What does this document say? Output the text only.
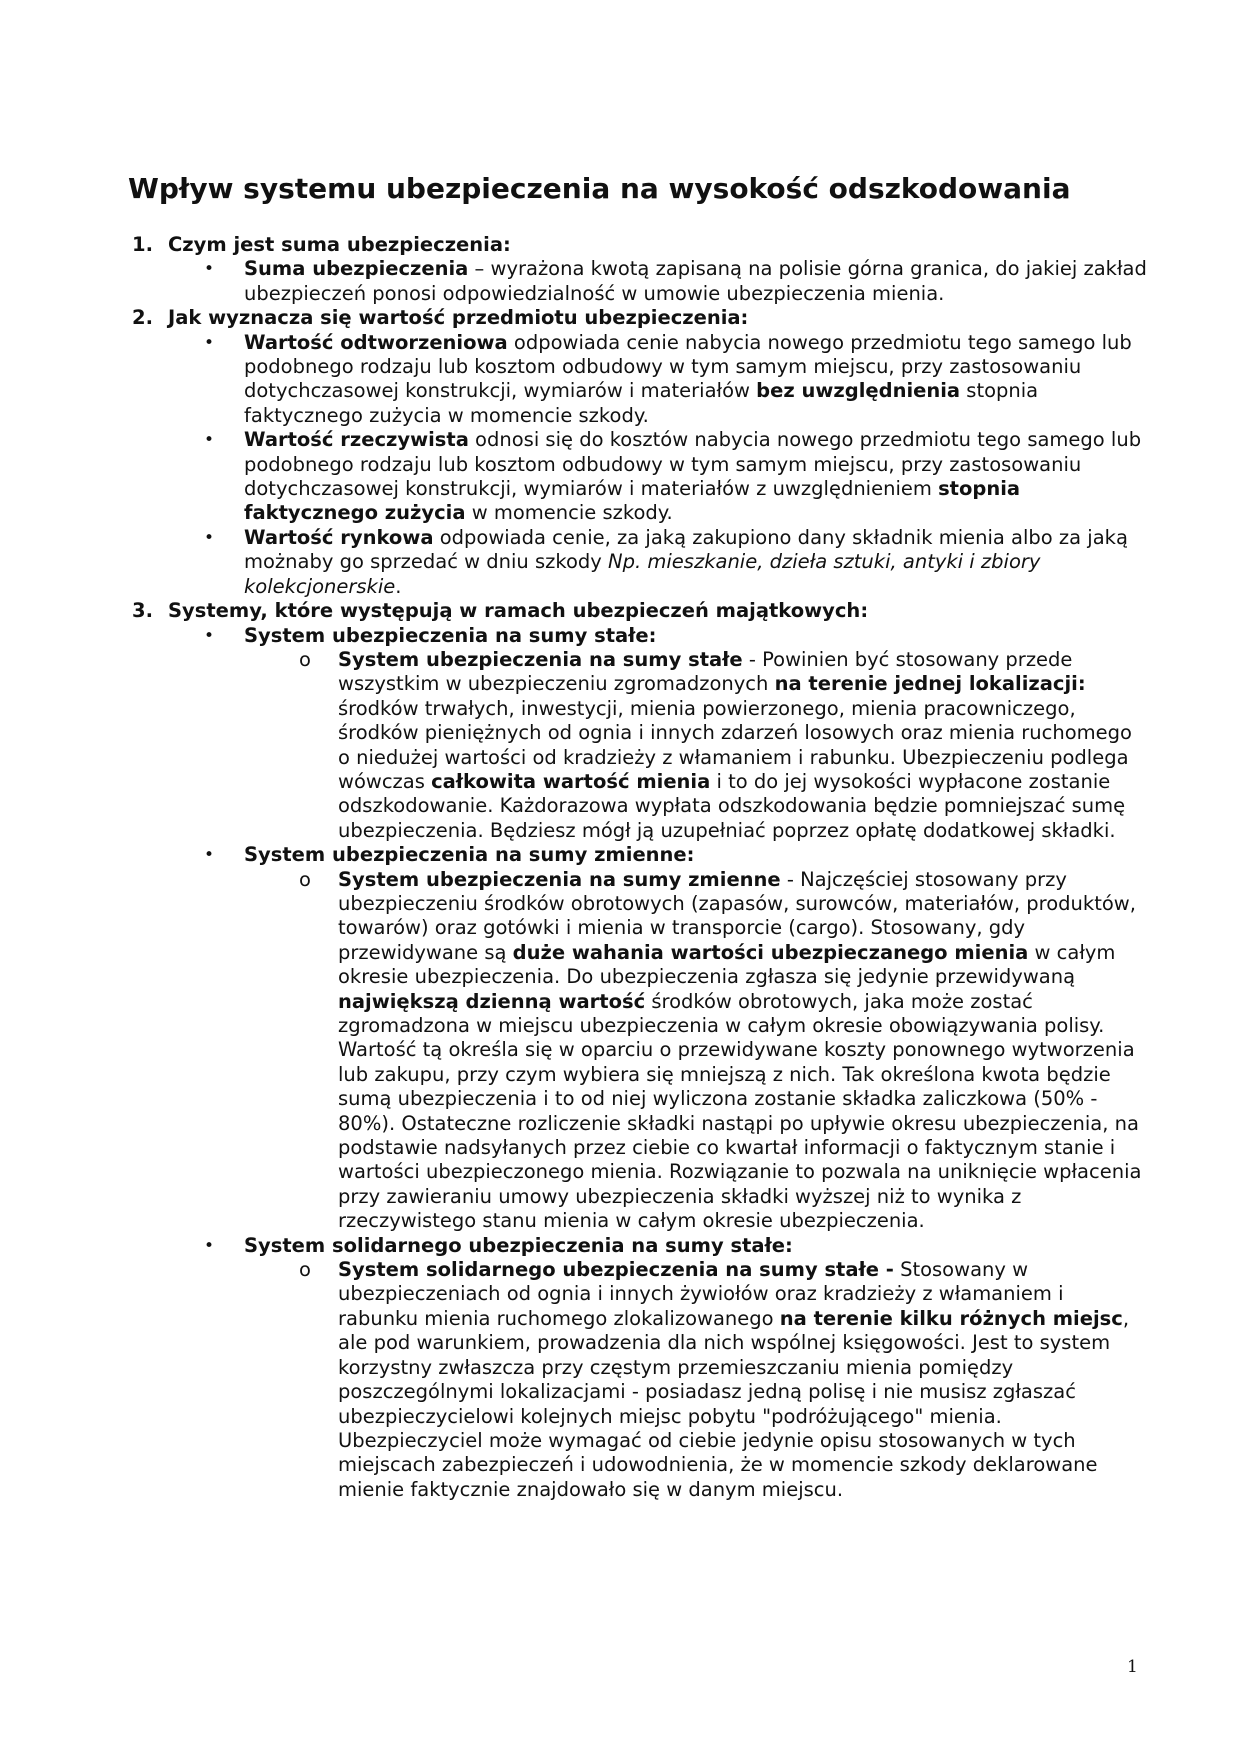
Wpływ systemu ubezpieczenia na wysokość odszkodowania
1. Czym jest suma ubezpieczenia:
• Suma ubezpieczenia – wyrażona kwotą zapisaną na polisie górna granica, do jakiej zakład ubezpieczeń ponosi odpowiedzialność w umowie ubezpieczenia mienia.
2. Jak wyznacza się wartość przedmiotu ubezpieczenia:
• Wartość odtworzeniowa odpowiada cenie nabycia nowego przedmiotu tego samego lub podobnego rodzaju lub kosztom odbudowy w tym samym miejscu, przy zastosowaniu dotychczasowej konstrukcji, wymiarów i materiałów bez uwzględnienia stopnia faktycznego zużycia w momencie szkody.
• Wartość rzeczywista odnosi się do kosztów nabycia nowego przedmiotu tego samego lub podobnego rodzaju lub kosztom odbudowy w tym samym miejscu, przy zastosowaniu dotychczasowej konstrukcji, wymiarów i materiałów z uwzględnieniem stopnia faktycznego zużycia w momencie szkody.
• Wartość rynkowa odpowiada cenie, za jaką zakupiono dany składnik mienia albo za jaką możnaby go sprzedać w dniu szkody Np. mieszkanie, dzieła sztuki, antyki i zbiory kolekcjonerskie.
3. Systemy, które występują w ramach ubezpieczeń majątkowych:
• System ubezpieczenia na sumy stałe:
o System ubezpieczenia na sumy stałe - Powinien być stosowany przede wszystkim w ubezpieczeniu zgromadzonych na terenie jednej lokalizacji: środków trwałych, inwestycji, mienia powierzonego, mienia pracowniczego, środków pieniężnych od ognia i innych zdarzeń losowych oraz mienia ruchomego o niedużej wartości od kradzieży z włamaniem i rabunku. Ubezpieczeniu podlega wówczas całkowita wartość mienia i to do jej wysokości wypłacone zostanie odszkodowanie. Każdorazowa wypłata odszkodowania będzie pomniejszać sumę ubezpieczenia. Będziesz mógł ją uzupełniać poprzez opłatę dodatkowej składki.
• System ubezpieczenia na sumy zmienne:
o System ubezpieczenia na sumy zmienne - Najczęściej stosowany przy ubezpieczeniu środków obrotowych (zapasów, surowców, materiałów, produktów, towarów) oraz gotówki i mienia w transporcie (cargo). Stosowany, gdy przewidywane są duże wahania wartości ubezpieczanego mienia w całym okresie ubezpieczenia. Do ubezpieczenia zgłasza się jedynie przewidywaną największą dzienną wartość środków obrotowych, jaka może zostać zgromadzona w miejscu ubezpieczenia w całym okresie obowiązywania polisy. Wartość tą określa się w oparciu o przewidywane koszty ponownego wytworzenia lub zakupu, przy czym wybiera się mniejszą z nich. Tak określona kwota będzie sumą ubezpieczenia i to od niej wyliczona zostanie składka zaliczkowa (50% - 80%). Ostateczne rozliczenie składki nastąpi po upływie okresu ubezpieczenia, na podstawie nadsyłanych przez ciebie co kwartał informacji o faktycznym stanie i wartości ubezpieczonego mienia. Rozwiązanie to pozwala na uniknięcie wpłacenia przy zawieraniu umowy ubezpieczenia składki wyższej niż to wynika z rzeczywistego stanu mienia w całym okresie ubezpieczenia.
• System solidarnego ubezpieczenia na sumy stałe:
o System solidarnego ubezpieczenia na sumy stałe - Stosowany w ubezpieczeniach od ognia i innych żywiołów oraz kradzieży z włamaniem i rabunku mienia ruchomego zlokalizowanego na terenie kilku różnych miejsc, ale pod warunkiem, prowadzenia dla nich wspólnej księgowości. Jest to system korzystny zwłaszcza przy częstym przemieszczaniu mienia pomiędzy poszczególnymi lokalizacjami - posiadasz jedną polisę i nie musisz zgłaszać ubezpieczycielowi kolejnych miejsc pobytu "podróżującego" mienia. Ubezpieczyciel może wymagać od ciebie jedynie opisu stosowanych w tych miejscach zabezpieczeń i udowodnienia, że w momencie szkody deklarowane mienie faktycznie znajdowało się w danym miejscu.
1
